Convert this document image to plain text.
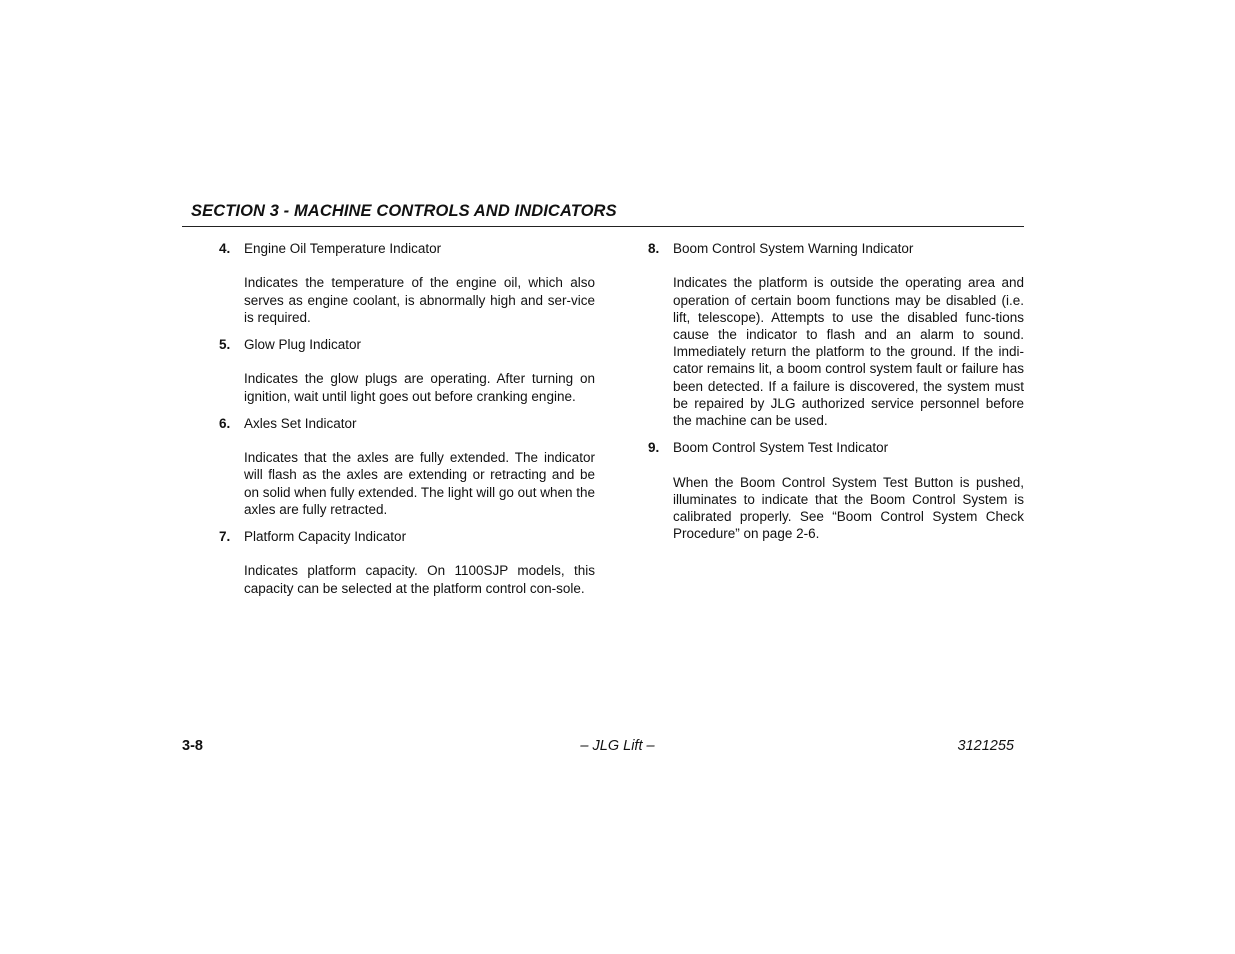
SECTION 3 - MACHINE CONTROLS AND INDICATORS
4. Engine Oil Temperature Indicator

Indicates the temperature of the engine oil, which also serves as engine coolant, is abnormally high and ser-vice is required.

5. Glow Plug Indicator

Indicates the glow plugs are operating. After turning on ignition, wait until light goes out before cranking engine.

6. Axles Set Indicator

Indicates that the axles are fully extended. The indicator will flash as the axles are extending or retracting and be on solid when fully extended. The light will go out when the axles are fully retracted.

7. Platform Capacity Indicator

Indicates platform capacity. On 1100SJP models, this capacity can be selected at the platform control con-sole.

8. Boom Control System Warning Indicator

Indicates the platform is outside the operating area and operation of certain boom functions may be disabled (i.e. lift, telescope). Attempts to use the disabled func-tions cause the indicator to flash and an alarm to sound. Immediately return the platform to the ground. If the indi-cator remains lit, a boom control system fault or failure has been detected. If a failure is discovered, the system must be repaired by JLG authorized service personnel before the machine can be used.

9. Boom Control System Test Indicator

When the Boom Control System Test Button is pushed, illuminates to indicate that the Boom Control System is calibrated properly. See “Boom Control System Check Procedure” on page 2-6.

3-8	– JLG Lift –	3121255
